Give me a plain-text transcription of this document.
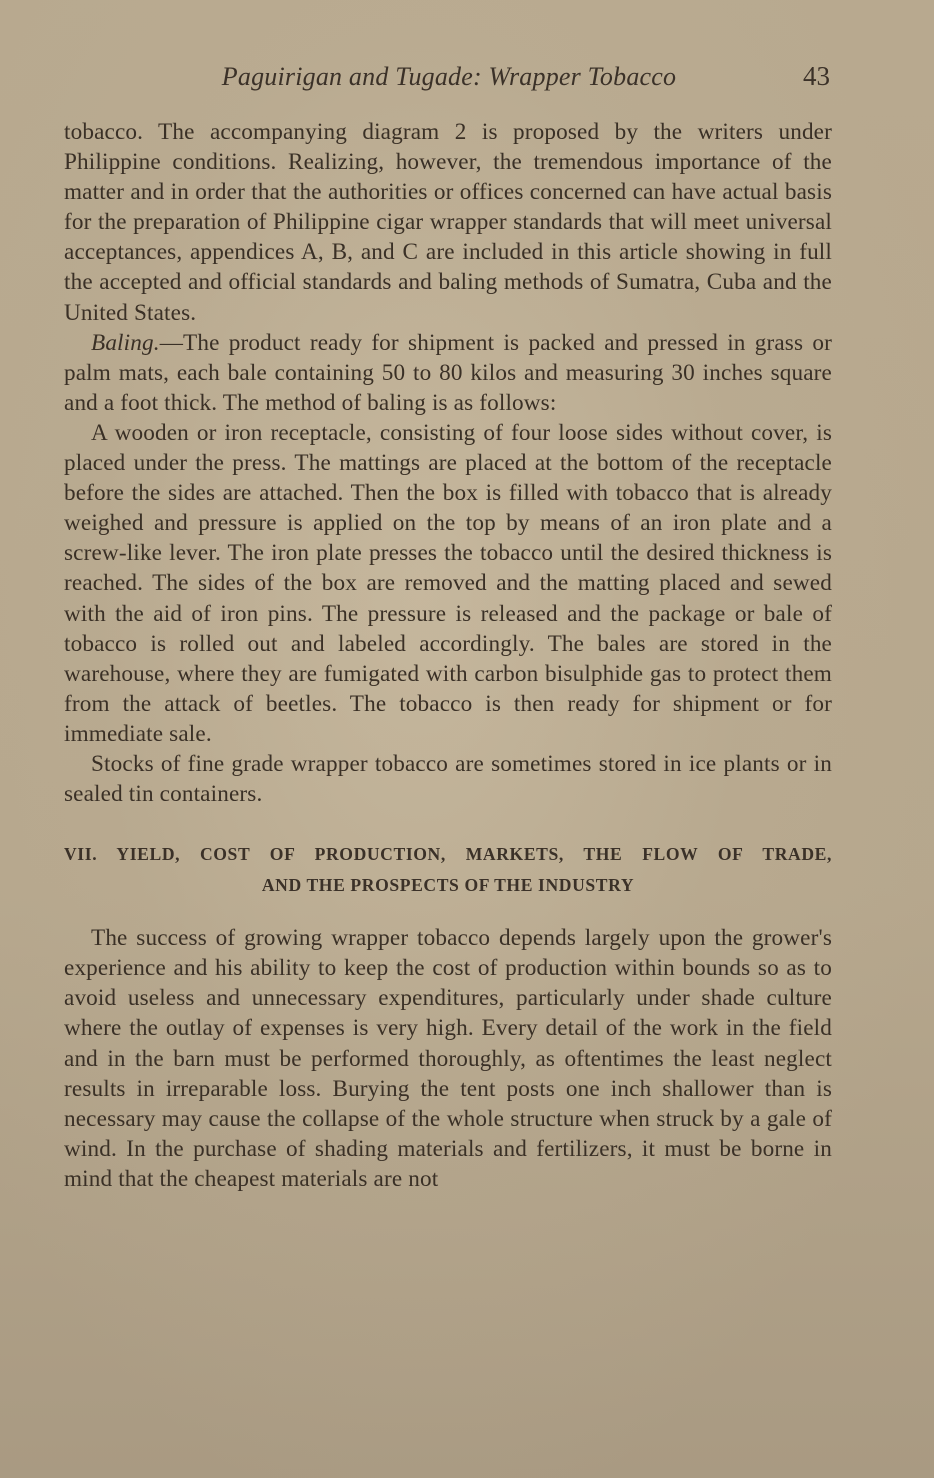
Paguirigan and Tugade: Wrapper Tobacco	43

tobacco. The accompanying diagram 2 is proposed by the writers under Philippine conditions. Realizing, however, the tremendous importance of the matter and in order that the authorities or offices concerned can have actual basis for the preparation of Philippine cigar wrapper standards that will meet universal acceptances, appendices A, B, and C are included in this article showing in full the accepted and official standards and baling methods of Sumatra, Cuba and the United States.

Baling.—The product ready for shipment is packed and pressed in grass or palm mats, each bale containing 50 to 80 kilos and measuring 30 inches square and a foot thick. The method of baling is as follows:

A wooden or iron receptacle, consisting of four loose sides without cover, is placed under the press. The mattings are placed at the bottom of the receptacle before the sides are attached. Then the box is filled with tobacco that is already weighed and pressure is applied on the top by means of an iron plate and a screw-like lever. The iron plate presses the tobacco until the desired thickness is reached. The sides of the box are removed and the matting placed and sewed with the aid of iron pins. The pressure is released and the package or bale of tobacco is rolled out and labeled accordingly. The bales are stored in the warehouse, where they are fumigated with carbon bisulphide gas to protect them from the attack of beetles. The tobacco is then ready for shipment or for immediate sale.

Stocks of fine grade wrapper tobacco are sometimes stored in ice plants or in sealed tin containers.

VII. YIELD, COST OF PRODUCTION, MARKETS, THE FLOW OF TRADE,
AND THE PROSPECTS OF THE INDUSTRY

The success of growing wrapper tobacco depends largely upon the grower's experience and his ability to keep the cost of production within bounds so as to avoid useless and unnecessary expenditures, particularly under shade culture where the outlay of expenses is very high. Every detail of the work in the field and in the barn must be performed thoroughly, as oftentimes the least neglect results in irreparable loss. Burying the tent posts one inch shallower than is necessary may cause the collapse of the whole structure when struck by a gale of wind. In the purchase of shading materials and fertilizers, it must be borne in mind that the cheapest materials are not
